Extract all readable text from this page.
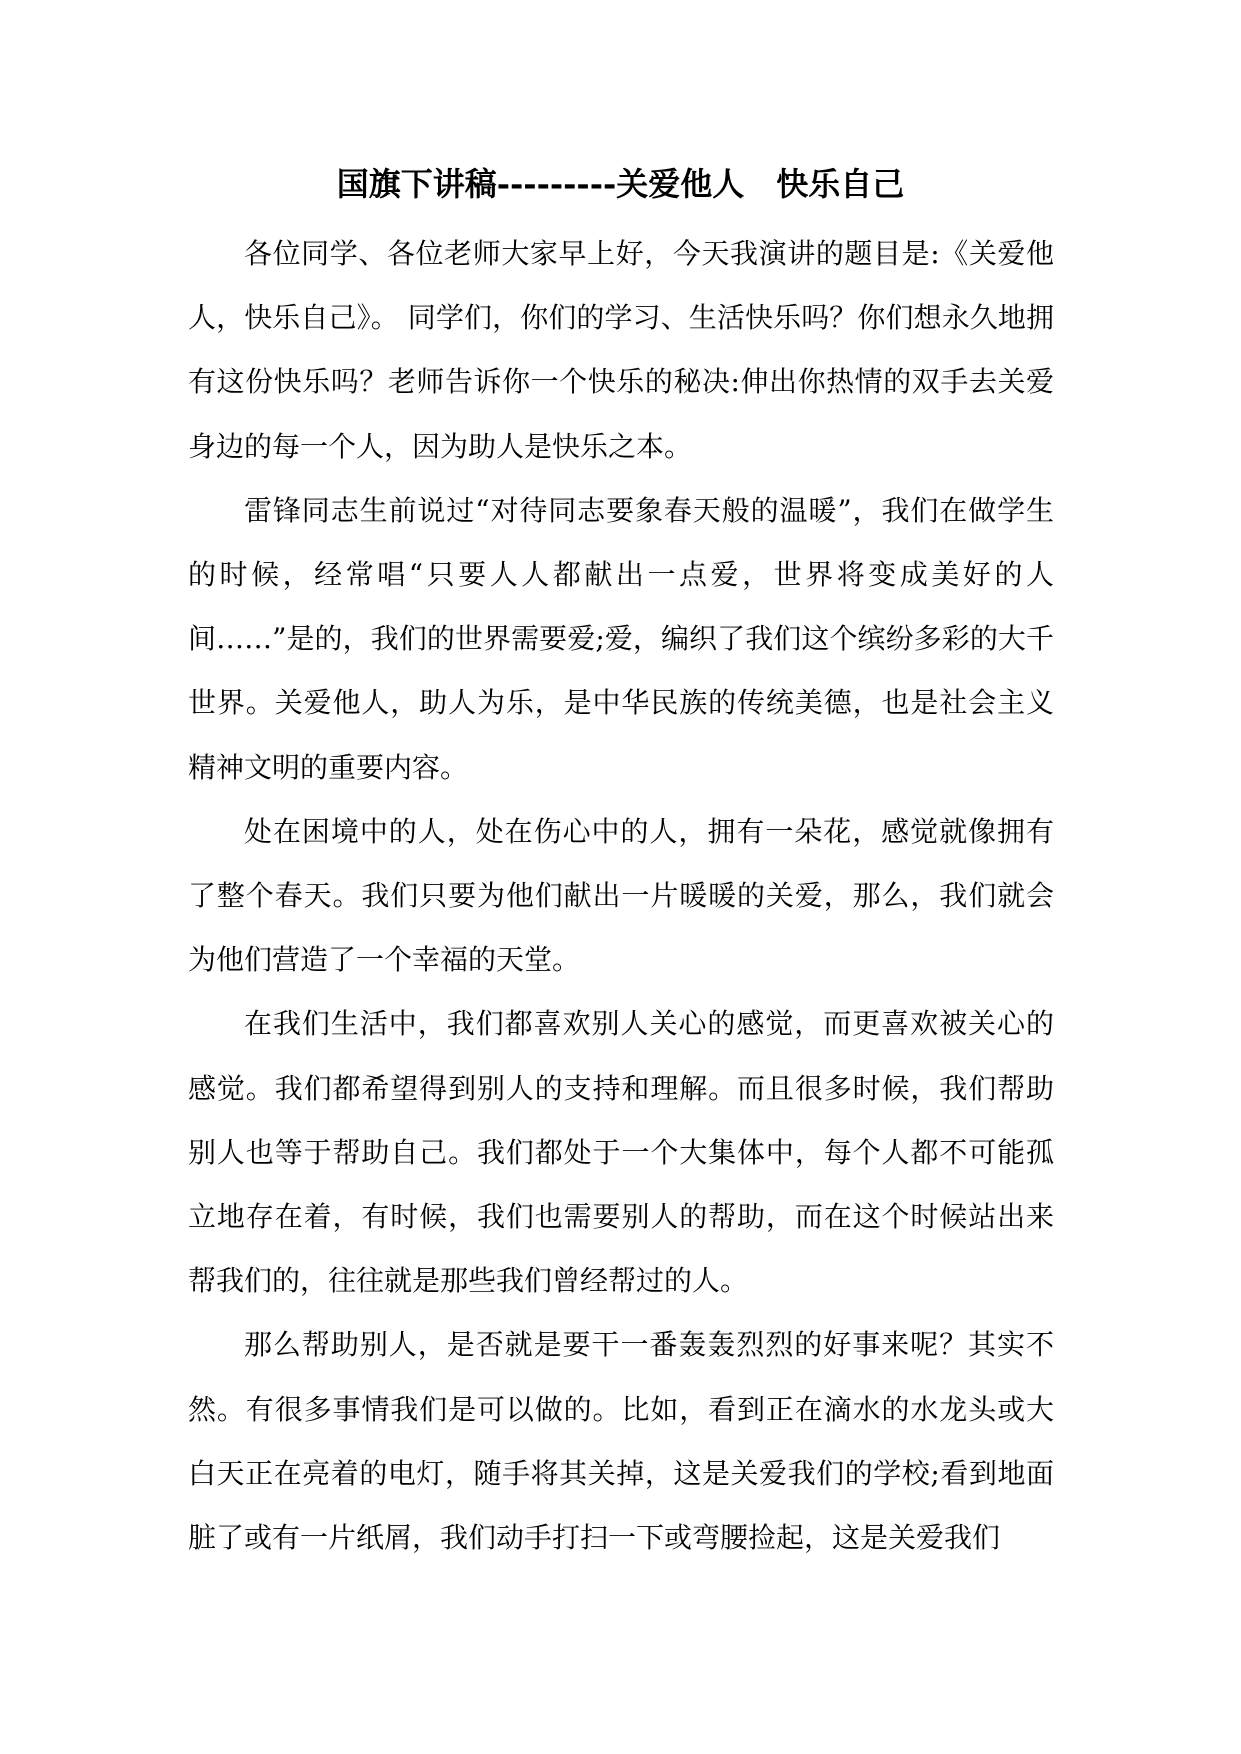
国旗下讲稿---------关爱他人　快乐自己

各位同学、各位老师大家早上好，今天我演讲的题目是:《关爱他人，快乐自己》。 同学们，你们的学习、生活快乐吗？你们想永久地拥有这份快乐吗？老师告诉你一个快乐的秘决:伸出你热情的双手去关爱身边的每一个人，因为助人是快乐之本。

雷锋同志生前说过“对待同志要象春天般的温暖”，我们在做学生的时候，经常唱“只要人人都献出一点爱，世界将变成美好的人间……”是的，我们的世界需要爱;爱，编织了我们这个缤纷多彩的大千世界。关爱他人，助人为乐，是中华民族的传统美德，也是社会主义精神文明的重要内容。

处在困境中的人，处在伤心中的人，拥有一朵花，感觉就像拥有了整个春天。我们只要为他们献出一片暖暖的关爱，那么，我们就会为他们营造了一个幸福的天堂。

在我们生活中，我们都喜欢别人关心的感觉，而更喜欢被关心的感觉。我们都希望得到别人的支持和理解。而且很多时候，我们帮助别人也等于帮助自己。我们都处于一个大集体中，每个人都不可能孤立地存在着，有时候，我们也需要别人的帮助，而在这个时候站出来帮我们的，往往就是那些我们曾经帮过的人。

那么帮助别人，是否就是要干一番轰轰烈烈的好事来呢？其实不然。有很多事情我们是可以做的。比如，看到正在滴水的水龙头或大白天正在亮着的电灯，随手将其关掉，这是关爱我们的学校;看到地面脏了或有一片纸屑，我们动手打扫一下或弯腰捡起，这是关爱我们
